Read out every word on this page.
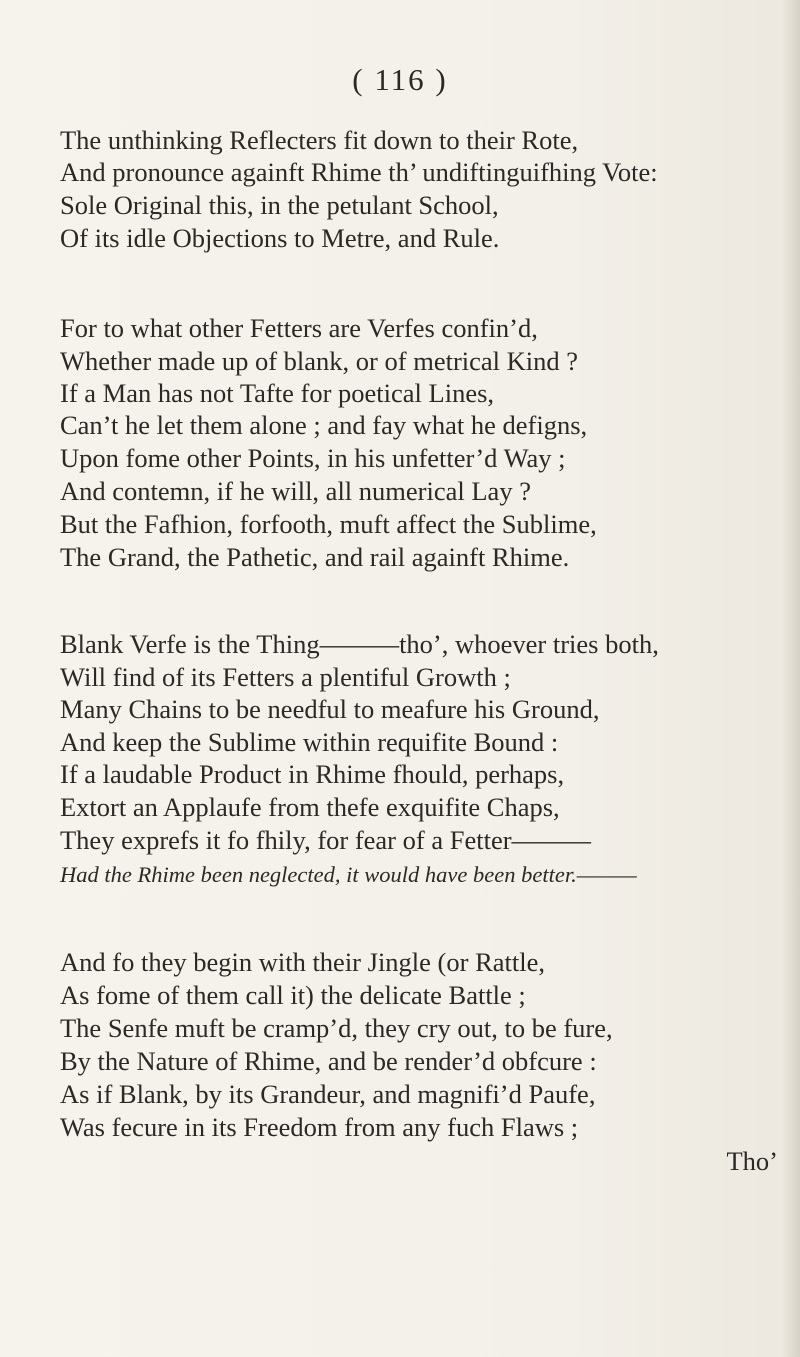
( 116 )
The unthinking Reflecters fit down to their Rote,
And pronounce againft Rhime th’ undiftinguifhing Vote:
Sole Original this, in the petulant School,
Of its idle Objections to Metre, and Rule.
For to what other Fetters are Verfes confin’d,
Whether made up of blank, or of metrical Kind ?
If a Man has not Tafte for poetical Lines,
Can’t he let them alone ; and fay what he defigns,
Upon fome other Points, in his unfetter’d Way ;
And contemn, if he will, all numerical Lay ?
But the Fafhion, forfooth, muft affect the Sublime,
The Grand, the Pathetic, and rail againft Rhime.
Blank Verfe is the Thing———tho’, whoever tries both,
Will find of its Fetters a plentiful Growth ;
Many Chains to be needful to meafure his Ground,
And keep the Sublime within requifite Bound :
If a laudable Product in Rhime fhould, perhaps,
Extort an Applaufe from thefe exquifite Chaps,
They exprefs it fo fhily, for fear of a Fetter———
Had the Rhime been neglected, it would have been better.———
And fo they begin with their Jingle (or Rattle,
As fome of them call it) the delicate Battle ;
The Senfe muft be cramp’d, they cry out, to be fure,
By the Nature of Rhime, and be render’d obfcure :
As if Blank, by its Grandeur, and magnifi’d Paufe,
Was fecure in its Freedom from any fuch Flaws ;
Tho’
